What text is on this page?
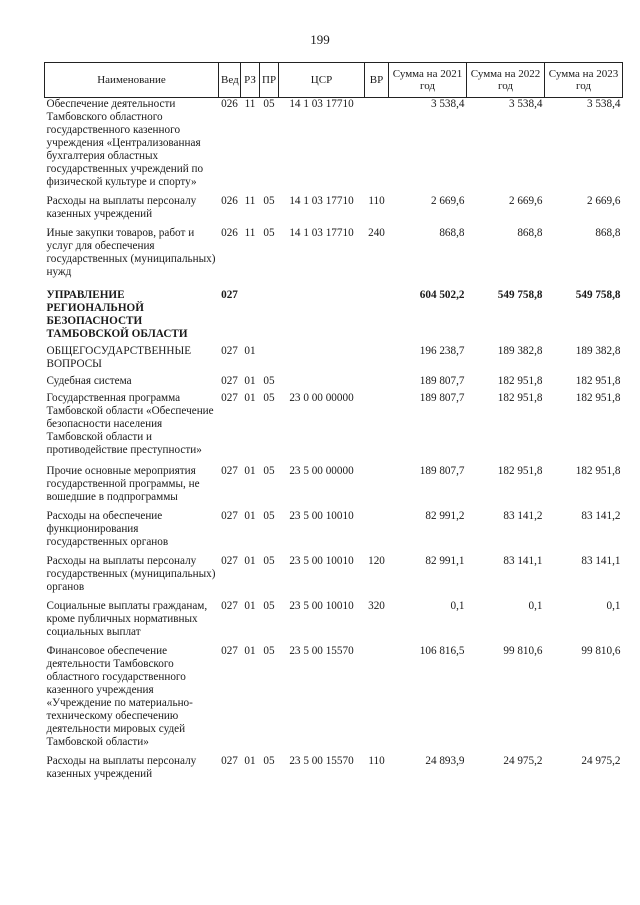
199
Наименование	Вед	РЗ	ПР	ЦСР	ВР	Сумма на 2021 год	Сумма на 2022 год	Сумма на 2023 год
Обеспечение деятельности Тамбовского областного государственного казенного учреждения «Централизованная бухгалтерия областных государственных учреждений по физической культуре и спорту»	026	11	05	14 1 03 17710		3 538,4	3 538,4	3 538,4
Расходы на выплаты персоналу казенных учреждений	026	11	05	14 1 03 17710	110	2 669,6	2 669,6	2 669,6
Иные закупки товаров, работ и услуг для обеспечения государственных (муниципальных) нужд	026	11	05	14 1 03 17710	240	868,8	868,8	868,8
УПРАВЛЕНИЕ РЕГИОНАЛЬНОЙ БЕЗОПАСНОСТИ ТАМБОВСКОЙ ОБЛАСТИ	027					604 502,2	549 758,8	549 758,8
ОБЩЕГОСУДАРСТВЕННЫЕ ВОПРОСЫ	027	01				196 238,7	189 382,8	189 382,8
Судебная система	027	01	05			189 807,7	182 951,8	182 951,8
Государственная программа Тамбовской области «Обеспечение безопасности населения Тамбовской области и противодействие преступности»	027	01	05	23 0 00 00000		189 807,7	182 951,8	182 951,8
Прочие основные мероприятия государственной программы, не вошедшие в подпрограммы	027	01	05	23 5 00 00000		189 807,7	182 951,8	182 951,8
Расходы на обеспечение функционирования государственных органов	027	01	05	23 5 00 10010		82 991,2	83 141,2	83 141,2
Расходы на выплаты персоналу государственных (муниципальных) органов	027	01	05	23 5 00 10010	120	82 991,1	83 141,1	83 141,1
Социальные выплаты гражданам, кроме публичных нормативных социальных выплат	027	01	05	23 5 00 10010	320	0,1	0,1	0,1
Финансовое обеспечение деятельности Тамбовского областного государственного казенного учреждения «Учреждение по материально-техническому обеспечению деятельности мировых судей Тамбовской области»	027	01	05	23 5 00 15570		106 816,5	99 810,6	99 810,6
Расходы на выплаты персоналу казенных учреждений	027	01	05	23 5 00 15570	110	24 893,9	24 975,2	24 975,2
